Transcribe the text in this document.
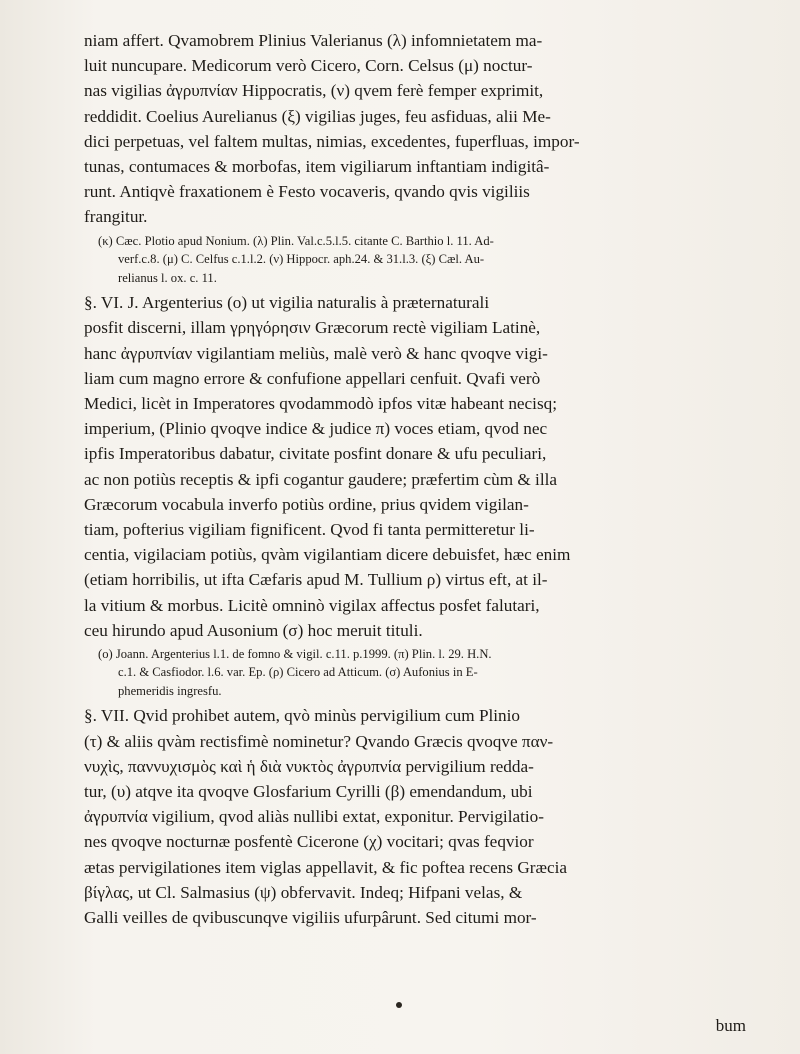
niam affert. Qvamobrem Plinius Valerianus (λ) infomnietatem ma-
luit nuncupare. Medicorum verò Cicero, Corn. Celsus (μ) noctur-
nas vigilias ἀγρυπνίαν Hippocratis, (ν) qvem ferè femper exprimit,
reddidit. Coelius Aurelianus (ξ) vigilias juges, feu asfiduas, alii Me-
dici perpetuas, vel faltem multas, nimias, excedentes, fuperfluas, impor-
tunas, contumaces & morbofas, item vigiliarum inftantiam indigitâ-
runt. Antiqvè fraxationem è Festo vocaveris, qvando qvis vigiliis
frangitur.
(κ) Cæc. Plotio apud Nonium. (λ) Plin. Val.c.5.l.5. citante C. Barthio l. 11. Ad-
verf.c.8. (μ) C. Celfus c.1.l.2. (ν) Hippocr. aph.24. & 31.l.3. (ξ) Cæl. Au-
relianus l. ox. c. 11.
§. VI. J. Argenterius (ο) ut vigilia naturalis à præternaturali
posfit discerni, illam γρηγόρησιν Græcorum rectè vigiliam Latinè,
hanc ἀγρυπνίαν vigilantiam meliùs, malè verò & hanc qvoqve vigi-
liam cum magno errore & confufione appellari cenfuit. Qvafi verò
Medici, licèt in Imperatores qvodammodò ipfos vitæ habeant necisq;
imperium, (Plinio qvoqve indice & judice π) voces etiam, qvod nec
ipfis Imperatoribus dabatur, civitate posfint donare & ufu peculiari,
ac non potiùs receptis & ipfi cogantur gaudere; præfertim cùm & illa
Græcorum vocabula inverfo potiùs ordine, prius qvidem vigilan-
tiam, pofterius vigiliam fignificent. Qvod fi tanta permitteretur li-
centia, vigilaciam potiùs, qvàm vigilantiam dicere debuisfet, hæc enim
(etiam horribilis, ut ifta Cæfaris apud M. Tullium ρ) virtus eft, at il-
la vitium & morbus. Licitè omninò vigilax affectus posfet falutari,
ceu hirundo apud Ausonium (σ) hoc meruit tituli.
(ο) Joann. Argenterius l.1. de fomno & vigil. c.11. p.1999. (π) Plin. l. 29. H.N.
c.1. & Casfiodor. l.6. var. Ep. (ρ) Cicero ad Atticum. (σ) Aufonius in E-
phemeridis ingresfu.
§. VII. Qvid prohibet autem, qvò minùs pervigilium cum Plinio
(τ) & aliis qvàm rectisfimè nominetur? Qvando Græcis qvoqve παν-
νυχὶς, παννυχισμὸς καὶ ἡ διὰ νυκτὸς ἀγρυπνία pervigilium redda-
tur, (υ) atqve ita qvoqve Glosfarium Cyrilli (β) emendandum, ubi
ἀγρυπνία vigilium, qvod aliàs nullibi extat, exponitur. Pervigilatio-
nes qvoqve nocturnæ posfentè Cicerone (χ) vocitari; qvas feqvior
ætas pervigilationes item viglas appellavit, & fic poftea recens Græcia
βίγλας, ut Cl. Salmasius (ψ) obfervavit. Indeq; Hifpani velas, &
Galli veilles de qvibuscunqve vigiliis ufurpârunt. Sed citumi mor-
bum
